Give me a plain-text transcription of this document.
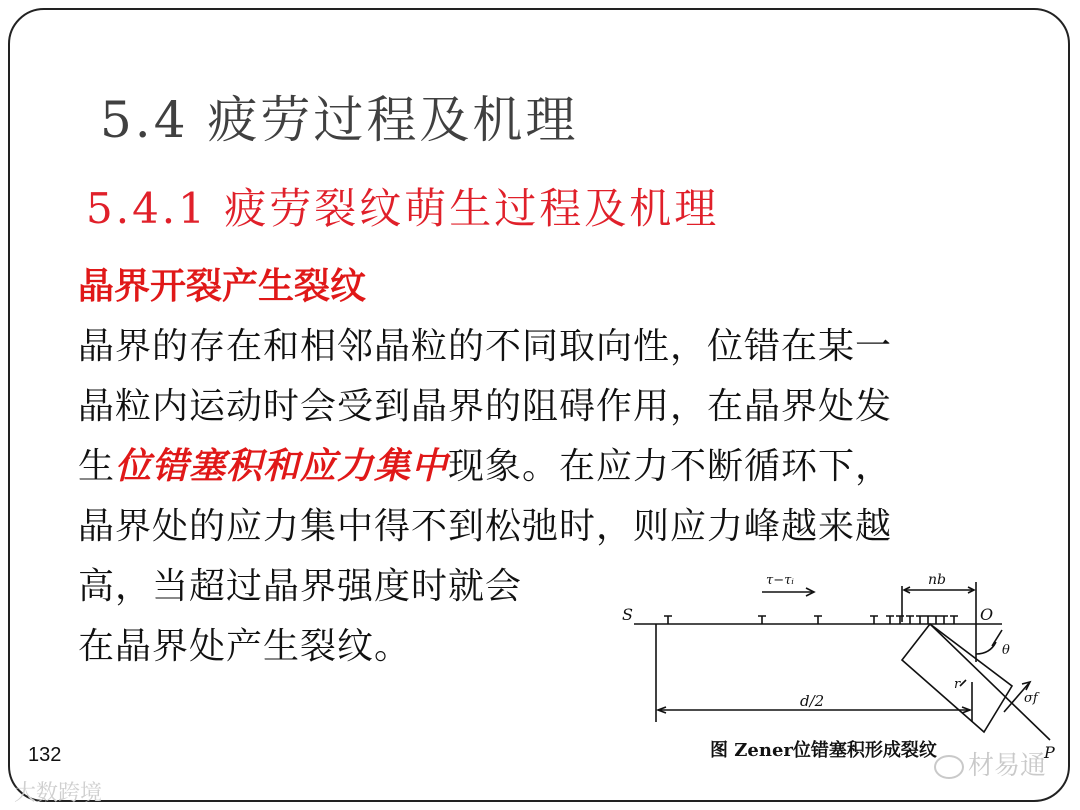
5.4 疲劳过程及机理
5.4.1 疲劳裂纹萌生过程及机理
晶界开裂产生裂纹
晶界的存在和相邻晶粒的不同取向性，位错在某一
晶粒内运动时会受到晶界的阻碍作用，在晶界处发
生位错塞积和应力集中现象。在应力不断循环下，
晶界处的应力集中得不到松弛时，则应力峰越来越
高，当超过晶界强度时就会
在晶界处产生裂纹。
S	O
P
τ−τᵢ	nb
d/2
θ
r
σf
图 Zener位错塞积形成裂纹
132
大数跨境
材易通
